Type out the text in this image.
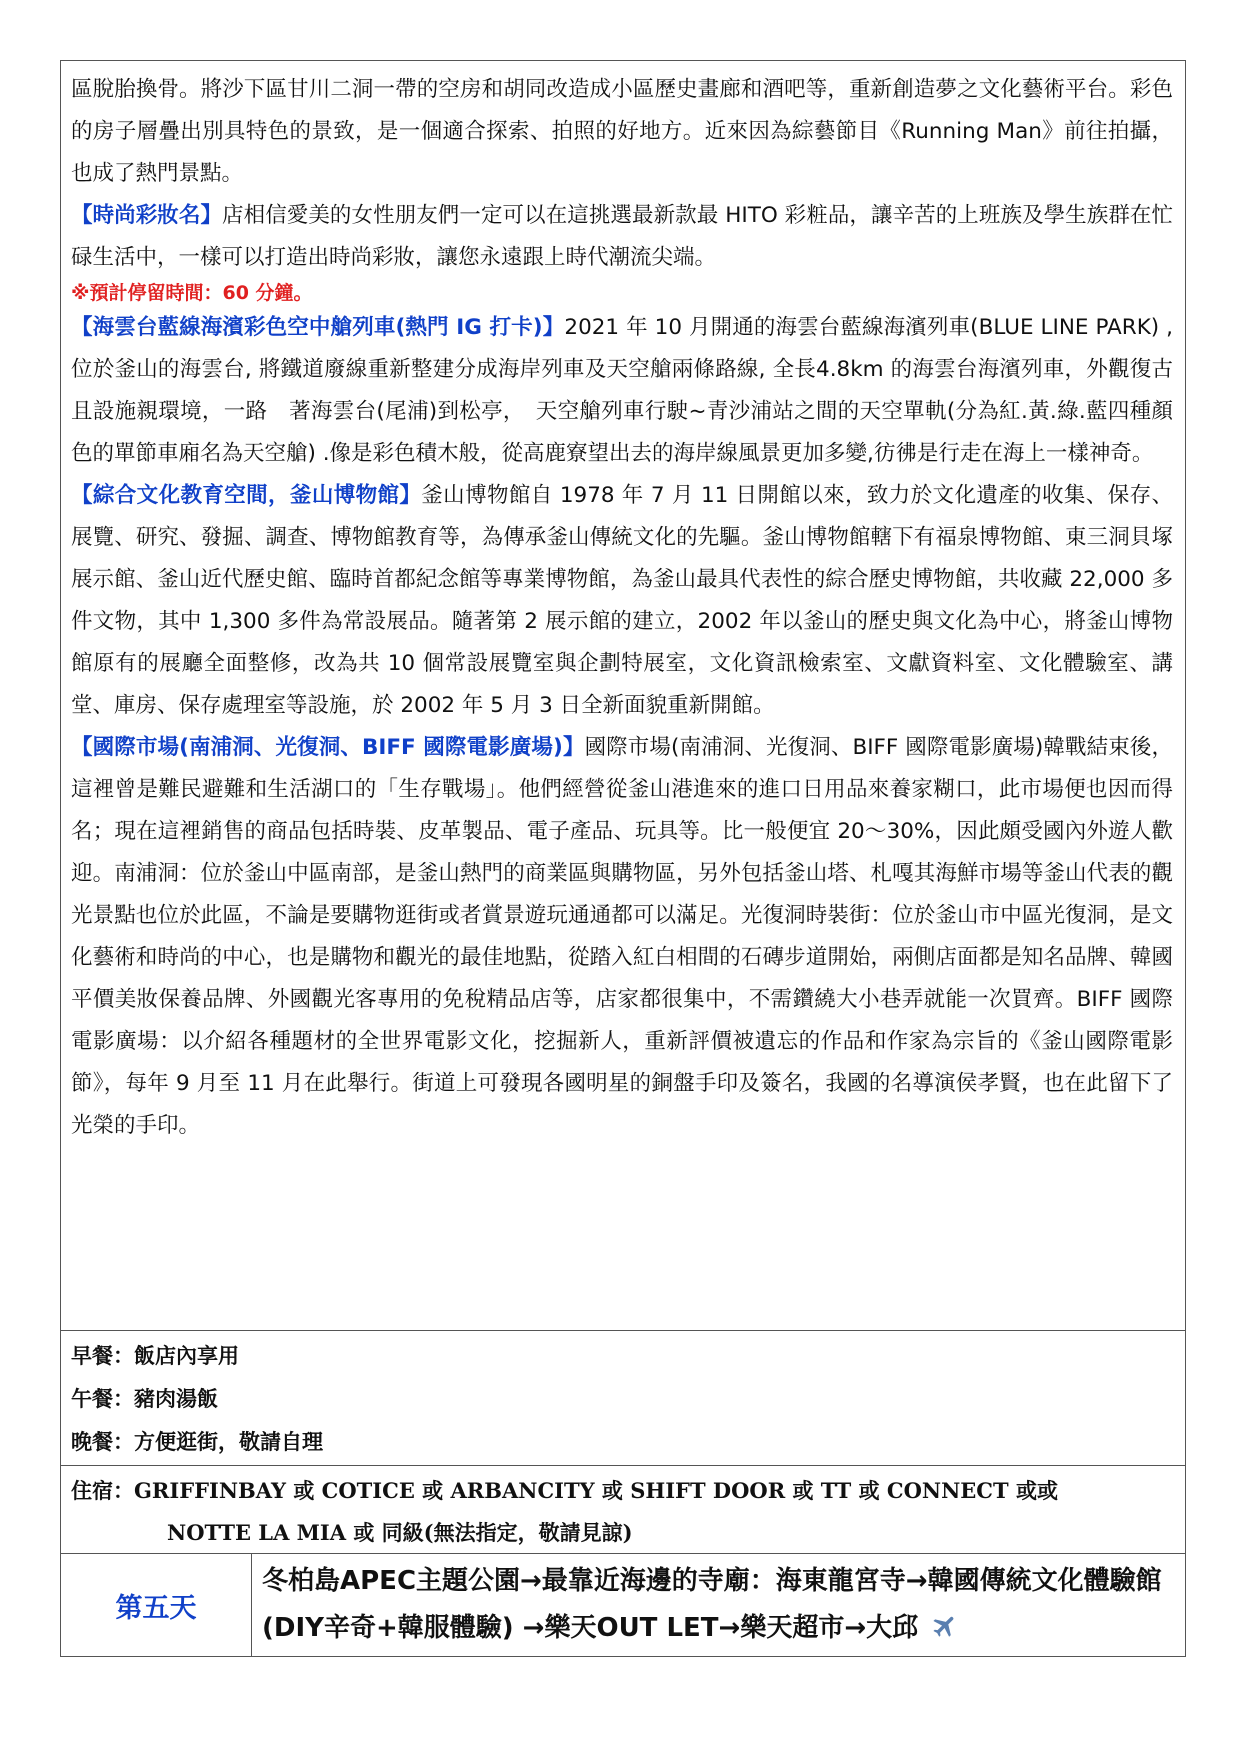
區脫胎換骨。將沙下區甘川二洞一帶的空房和胡同改造成小區歷史畫廊和酒吧等，重新創造夢之文化藝術平台。彩色的房子層疊出別具特色的景致，是一個適合探索、拍照的好地方。近來因為綜藝節目《Running Man》前往拍攝，也成了熱門景點。

【時尚彩妝名】店相信愛美的女性朋友們一定可以在這挑選最新款最 HITO 彩粧品，讓辛苦的上班族及學生族群在忙碌生活中，一樣可以打造出時尚彩妝，讓您永遠跟上時代潮流尖端。

※預計停留時間：60 分鐘。

【海雲台藍線海濱彩色空中艙列車(熱門 IG 打卡)】2021 年 10 月開通的海雲台藍線海濱列車(BLUE LINE PARK) ,位於釜山的海雲台, 將鐵道廢線重新整建分成海岸列車及天空艙兩條路線, 全長4.8km 的海雲台海濱列車，外觀復古且設施親環境，一路　著海雲台(尾浦)到松亭，　天空艙列車行駛~青沙浦站之間的天空單軌(分為紅.黃.綠.藍四種顏色的單節車廂名為天空艙) .像是彩色積木般，從高鹿寮望出去的海岸線風景更加多變,彷彿是行走在海上一樣神奇。

【綜合文化教育空間，釜山博物館】釜山博物館自 1978 年 7 月 11 日開館以來，致力於文化遺產的收集、保存、展覽、研究、發掘、調查、博物館教育等，為傳承釜山傳統文化的先驅。釜山博物館轄下有福泉博物館、東三洞貝塚展示館、釜山近代歷史館、臨時首都紀念館等專業博物館，為釜山最具代表性的綜合歷史博物館，共收藏 22,000 多件文物，其中 1,300 多件為常設展品。隨著第 2 展示館的建立，2002 年以釜山的歷史與文化為中心，將釜山博物館原有的展廳全面整修，改為共 10 個常設展覽室與企劃特展室，文化資訊檢索室、文獻資料室、文化體驗室、講堂、庫房、保存處理室等設施，於 2002 年 5 月 3 日全新面貌重新開館。

【國際市場(南浦洞、光復洞、BIFF 國際電影廣場)】國際市場(南浦洞、光復洞、BIFF 國際電影廣場)韓戰結束後，這裡曾是難民避難和生活湖口的「生存戰場」。他們經營從釜山港進來的進口日用品來養家糊口，此市場便也因而得名；現在這裡銷售的商品包括時裝、皮革製品、電子產品、玩具等。比一般便宜 20～30%，因此頗受國內外遊人歡迎。南浦洞：位於釜山中區南部，是釜山熱門的商業區與購物區，另外包括釜山塔、札嘎其海鮮市場等釜山代表的觀光景點也位於此區，不論是要購物逛街或者賞景遊玩通通都可以滿足。光復洞時裝街：位於釜山市中區光復洞，是文化藝術和時尚的中心，也是購物和觀光的最佳地點，從踏入紅白相間的石磚步道開始，兩側店面都是知名品牌、韓國平價美妝保養品牌、外國觀光客專用的免稅精品店等，店家都很集中，不需鑽繞大小巷弄就能一次買齊。BIFF 國際電影廣場：以介紹各種題材的全世界電影文化，挖掘新人，重新評價被遺忘的作品和作家為宗旨的《釜山國際電影節》，每年 9 月至 11 月在此舉行。街道上可發現各國明星的銅盤手印及簽名，我國的名導演侯孝賢，也在此留下了光榮的手印。

早餐：飯店內享用

午餐：豬肉湯飯

晚餐：方便逛街，敬請自理

住宿：GRIFFINBAY 或 COTICE 或 ARBANCITY 或 SHIFT DOOR 或 TT 或 CONNECT 或或
NOTTE LA MIA 或 同級(無法指定，敬請見諒)
第五天
冬柏島APEC主題公園→最靠近海邊的寺廟：海東龍宮寺→韓國傳統文化體驗館(DIY辛奇+韓服體驗) →樂天OUT LET→樂天超市→大邱
